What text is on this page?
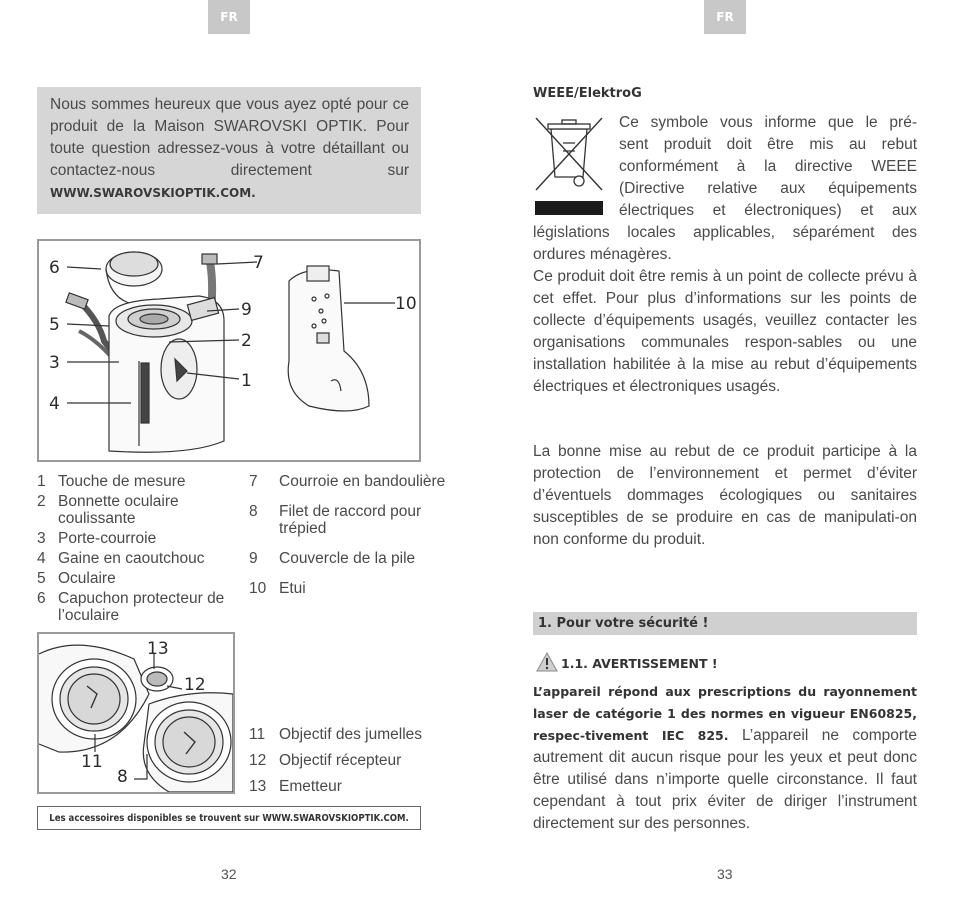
FR
Nous sommes heureux que vous ayez opté pour ce produit de la Maison SWAROVSKI OPTIK. Pour toute question adressez-vous à votre détaillant ou contactez-nous directement sur WWW.SWAROVSKIOPTIK.COM.
6	7
5
9
2
3
1
4
10
1 Touche de mesure
2 Bonnette oculaire coulissante
3 Porte-courroie
4 Gaine en caoutchouc
5 Oculaire
6 Capuchon protecteur de l’oculaire
7	Courroie en bandoulière
8	Filet de raccord pour trépied
9	Couvercle de la pile
10 Etui
13
12
11
8
11 Objectif des jumelles
12 Objectif récepteur
13 Emetteur
Les accessoires disponibles se trouvent sur WWW.SWAROVSKIOPTIK.COM.
32
FR
WEEE/ElektroG
Ce symbole vous informe que le pré-
sent produit doit être mis au rebut
conformément à la directive WEEE
(Directive relative aux équipements
électriques et électroniques) et aux
législations locales applicables, séparément des ordures ménagères.
Ce produit doit être remis à un point de collecte prévu à cet effet. Pour plus d’informations sur les points de collecte d’équipements usagés, veuillez contacter les organisations communales respon-sables ou une installation habilitée à la mise au rebut d’équipements électriques et électroniques usagés.
La bonne mise au rebut de ce produit participe à la protection de l’environnement et permet d’éviter d’éventuels dommages écologiques ou sanitaires susceptibles de se produire en cas de manipulati-on non conforme du produit.
1. Pour votre sécurité !
1.1. AVERTISSEMENT !
L’appareil répond aux prescriptions du rayonnement laser de catégorie 1 des normes en vigueur EN60825, respec-tivement IEC 825. L’appareil ne comporte autrement dit aucun risque pour les yeux et peut donc être utilisé dans n’importe quelle circonstance. Il faut cependant à tout prix éviter de diriger l’instrument directement sur des personnes.
33
